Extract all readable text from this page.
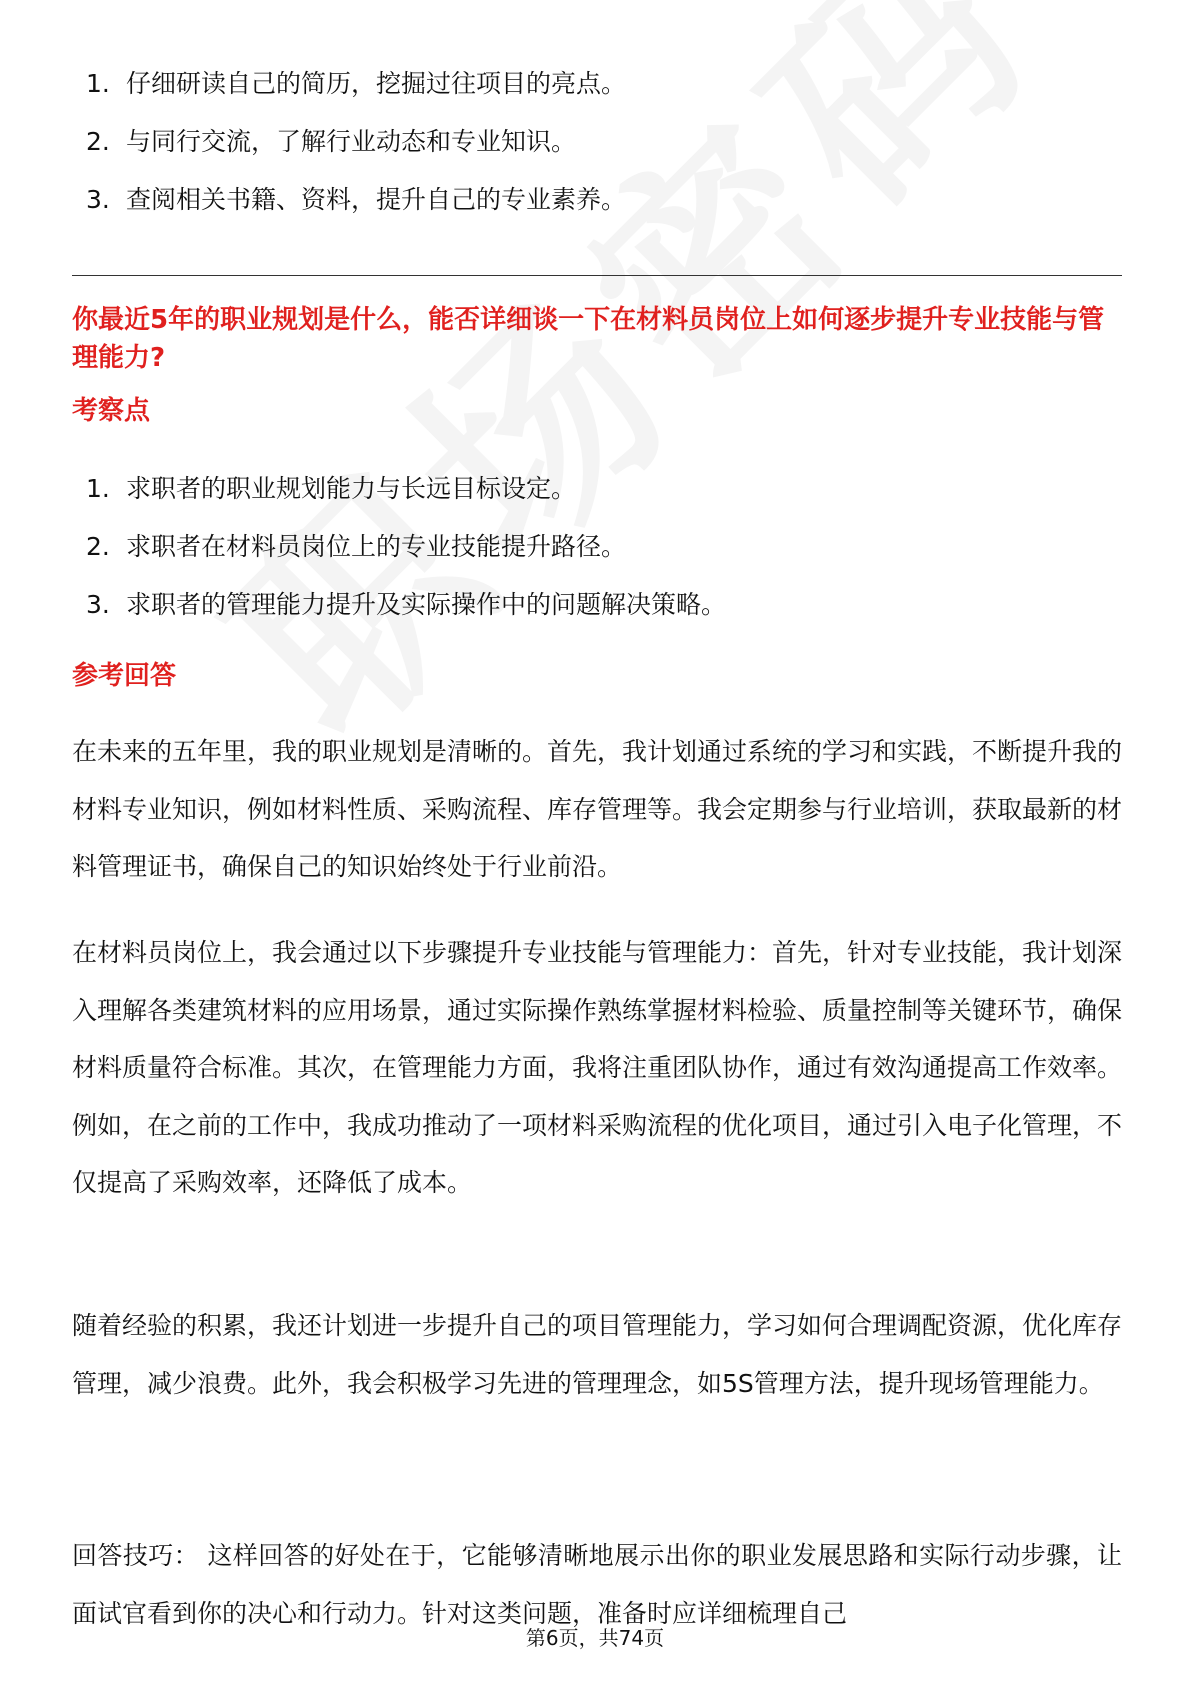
1. 仔细研读自己的简历，挖掘过往项目的亮点。
2. 与同行交流，了解行业动态和专业知识。
3. 查阅相关书籍、资料，提升自己的专业素养。
你最近5年的职业规划是什么，能否详细谈一下在材料员岗位上如何逐步提升专业技能与管理能力?
考察点
1. 求职者的职业规划能力与长远目标设定。
2. 求职者在材料员岗位上的专业技能提升路径。
3. 求职者的管理能力提升及实际操作中的问题解决策略。
参考回答
在未来的五年里，我的职业规划是清晰的。首先，我计划通过系统的学习和实践，不断提升我的材料专业知识，例如材料性质、采购流程、库存管理等。我会定期参与行业培训，获取最新的材料管理证书，确保自己的知识始终处于行业前沿。
在材料员岗位上，我会通过以下步骤提升专业技能与管理能力：首先，针对专业技能，我计划深入理解各类建筑材料的应用场景，通过实际操作熟练掌握材料检验、质量控制等关键环节，确保材料质量符合标准。其次，在管理能力方面，我将注重团队协作，通过有效沟通提高工作效率。例如，在之前的工作中，我成功推动了一项材料采购流程的优化项目，通过引入电子化管理，不仅提高了采购效率，还降低了成本。
随着经验的积累，我还计划进一步提升自己的项目管理能力，学习如何合理调配资源，优化库存管理，减少浪费。此外，我会积极学习先进的管理理念，如5S管理方法，提升现场管理能力。
回答技巧： 这样回答的好处在于，它能够清晰地展示出你的职业发展思路和实际行动步骤，让面试官看到你的决心和行动力。针对这类问题，准备时应详细梳理自己
第6页，共74页
